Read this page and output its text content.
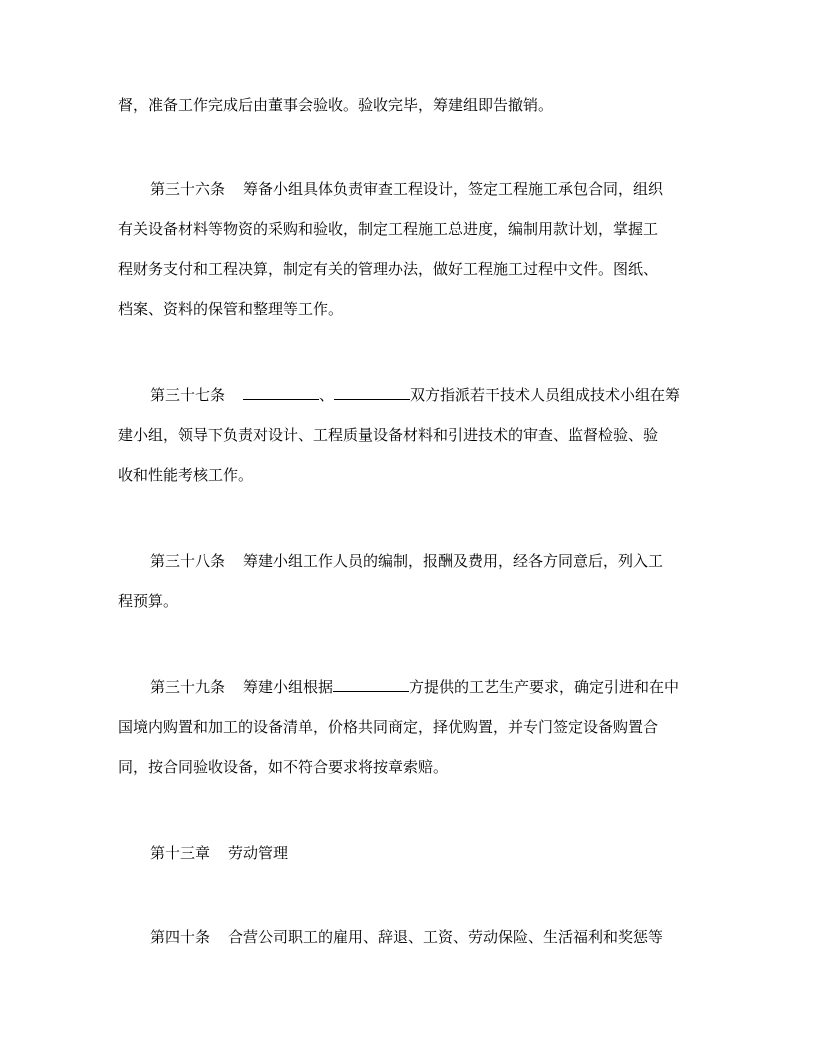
督，准备工作完成后由董事会验收。验收完毕，筹建组即告撤销。

第三十六条 筹备小组具体负责审查工程设计，签定工程施工承包合同，组织

有关设备材料等物资的采购和验收，制定工程施工总进度，编制用款计划，掌握工

程财务支付和工程决算，制定有关的管理办法，做好工程施工过程中文件。图纸、

档案、资料的保管和整理等工作。

第三十七条	、	双方指派若干技术人员组成技术小组在筹

建小组，领导下负责对设计、工程质量设备材料和引进技术的审查、监督检验、验

收和性能考核工作。

第三十八条 筹建小组工作人员的编制，报酬及费用，经各方同意后，列入工

程预算。

第三十九条 筹建小组根据	方提供的工艺生产要求，确定引进和在中

国境内购置和加工的设备清单，价格共同商定，择优购置，并专门签定设备购置合

同，按合同验收设备，如不符合要求将按章索赔。

第十三章 劳动管理

第四十条 合营公司职工的雇用、辞退、工资、劳动保险、生活福利和奖惩等
